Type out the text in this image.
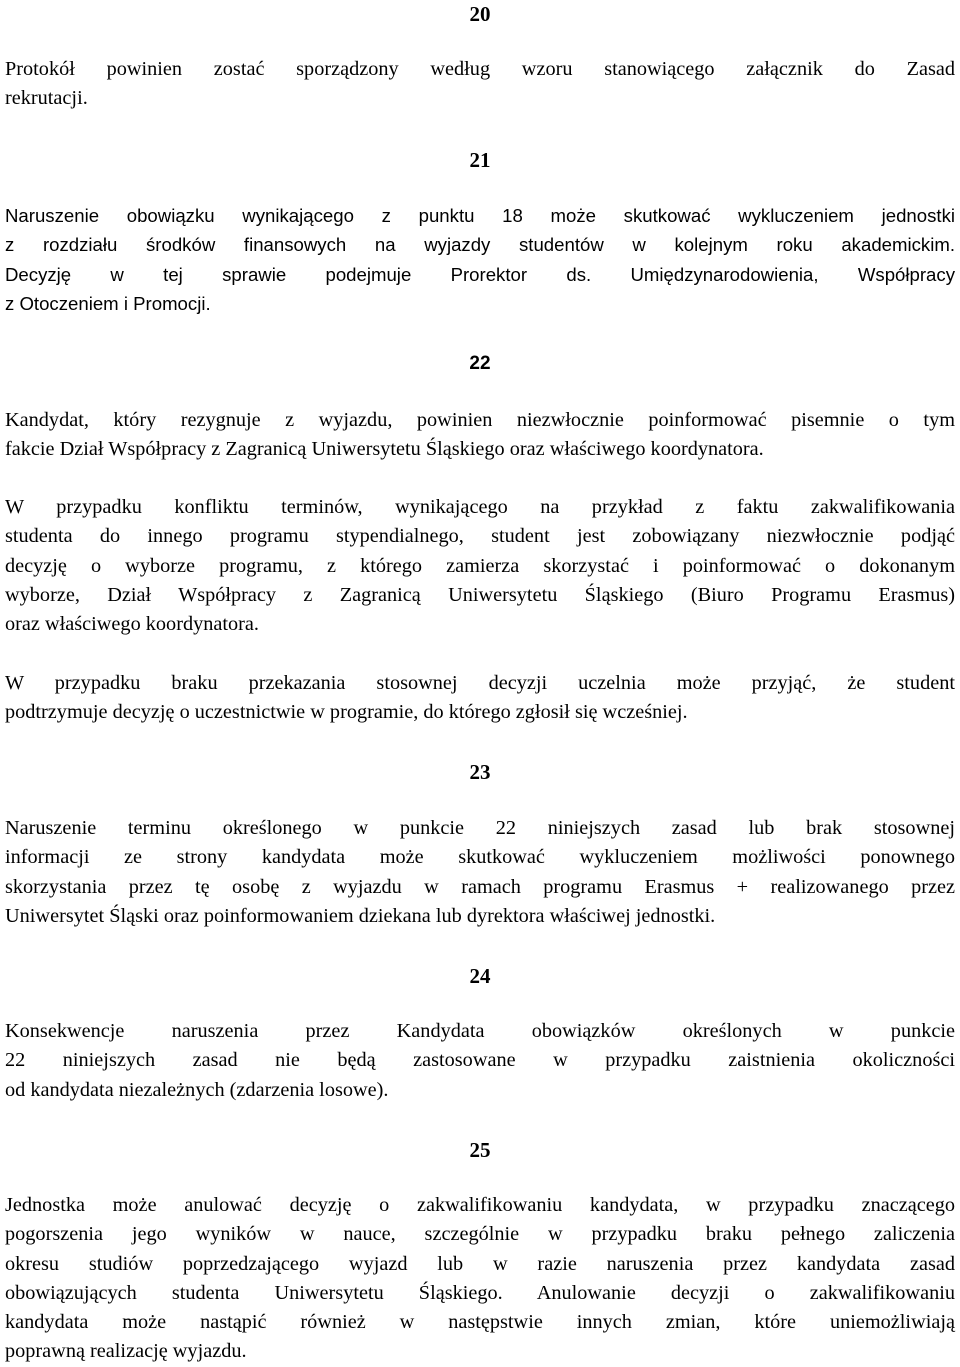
20

Protokół powinien zostać sporządzony według wzoru stanowiącego załącznik do Zasad
rekrutacji.

21

Naruszenie obowiązku wynikającego z punktu 18 może skutkować wykluczeniem jednostki
z rozdziału środków finansowych na wyjazdy studentów w kolejnym roku akademickim.
Decyzję w tej sprawie podejmuje Prorektor ds. Umiędzynarodowienia, Współpracy
z Otoczeniem i Promocji.

22

Kandydat, który rezygnuje z wyjazdu, powinien niezwłocznie poinformować pisemnie o tym
fakcie Dział Współpracy z Zagranicą Uniwersytetu Śląskiego oraz właściwego koordynatora.

W przypadku konfliktu terminów, wynikającego na przykład z faktu zakwalifikowania
studenta do innego programu stypendialnego, student jest zobowiązany niezwłocznie podjąć
decyzję o wyborze programu, z którego zamierza skorzystać i poinformować o dokonanym
wyborze, Dział Współpracy z Zagranicą Uniwersytetu Śląskiego (Biuro Programu Erasmus)
oraz właściwego koordynatora.

W przypadku braku przekazania stosownej decyzji uczelnia może przyjąć, że student
podtrzymuje decyzję o uczestnictwie w programie, do którego zgłosił się wcześniej.

23

Naruszenie terminu określonego w punkcie 22 niniejszych zasad lub brak stosownej
informacji ze strony kandydata może skutkować wykluczeniem możliwości ponownego
skorzystania przez tę osobę z wyjazdu w ramach programu Erasmus + realizowanego przez
Uniwersytet Śląski oraz poinformowaniem dziekana lub dyrektora właściwej jednostki.

24

Konsekwencje naruszenia przez Kandydata obowiązków określonych w punkcie
22 niniejszych zasad nie będą zastosowane w przypadku zaistnienia okoliczności
od kandydata niezależnych (zdarzenia losowe).

25

Jednostka może anulować decyzję o zakwalifikowaniu kandydata, w przypadku znaczącego
pogorszenia jego wyników w nauce, szczególnie w przypadku braku pełnego zaliczenia
okresu studiów poprzedzającego wyjazd lub w razie naruszenia przez kandydata zasad
obowiązujących studenta Uniwersytetu Śląskiego. Anulowanie decyzji o zakwalifikowaniu
kandydata może nastąpić również w następstwie innych zmian, które uniemożliwiają
poprawną realizację wyjazdu.
